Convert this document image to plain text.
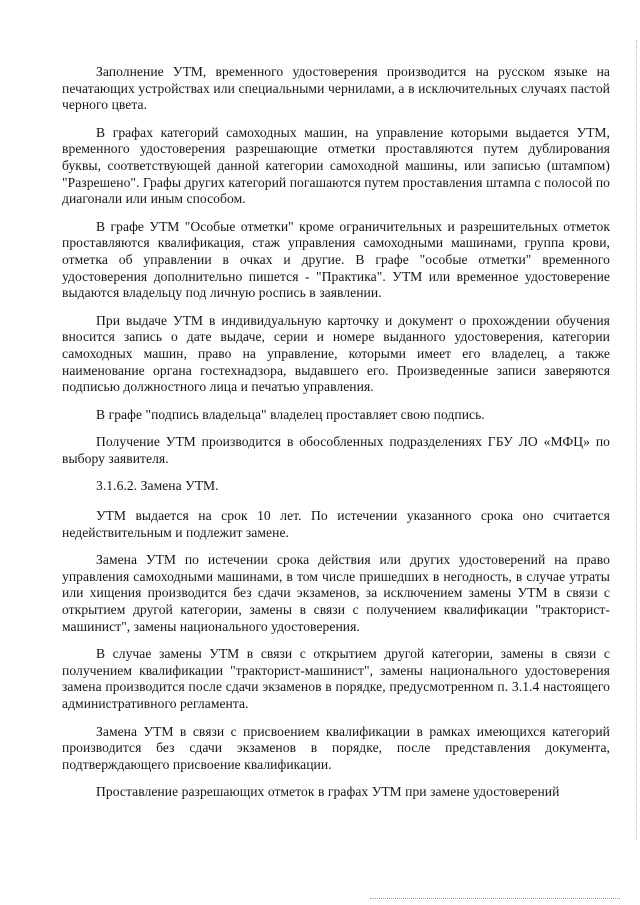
Заполнение УТМ, временного удостоверения производится на русском языке на печатающих устройствах или специальными чернилами, а в исключительных случаях пастой черного цвета.

В графах категорий самоходных машин, на управление которыми выдается УТМ, временного удостоверения разрешающие отметки проставляются путем дублирования буквы, соответствующей данной категории самоходной машины, или записью (штампом) "Разрешено". Графы других категорий погашаются путем проставления штампа с полосой по диагонали или иным способом.

В графе УТМ "Особые отметки" кроме ограничительных и разрешительных отметок проставляются квалификация, стаж управления самоходными машинами, группа крови, отметка об управлении в очках и другие. В графе "особые отметки" временного удостоверения дополнительно пишется - "Практика". УТМ или временное удостоверение выдаются владельцу под личную роспись в заявлении.

При выдаче УТМ в индивидуальную карточку и документ о прохождении обучения вносится запись о дате выдаче, серии и номере выданного удостоверения, категории самоходных машин, право на управление, которыми имеет его владелец, а также наименование органа гостехнадзора, выдавшего его. Произведенные записи заверяются подписью должностного лица и печатью управления.

В графе "подпись владельца" владелец проставляет свою подпись.

Получение УТМ производится в обособленных подразделениях ГБУ ЛО «МФЦ» по выбору заявителя.

3.1.6.2. Замена УТМ.

УТМ выдается на срок 10 лет. По истечении указанного срока оно считается недействительным и подлежит замене.

Замена УТМ по истечении срока действия или других удостоверений на право управления самоходными машинами, в том числе пришедших в негодность, в случае утраты или хищения производится без сдачи экзаменов, за исключением замены УТМ в связи с открытием другой категории, замены в связи с получением квалификации "тракторист-машинист", замены национального удостоверения.

В случае замены УТМ в связи с открытием другой категории, замены в связи с получением квалификации "тракторист-машинист", замены национального удостоверения замена производится после сдачи экзаменов в порядке, предусмотренном п. 3.1.4 настоящего административного регламента.

Замена УТМ в связи с присвоением квалификации в рамках имеющихся категорий производится без сдачи экзаменов в порядке, после представления документа, подтверждающего присвоение квалификации.

Проставление разрешающих отметок в графах УТМ при замене удостоверений
